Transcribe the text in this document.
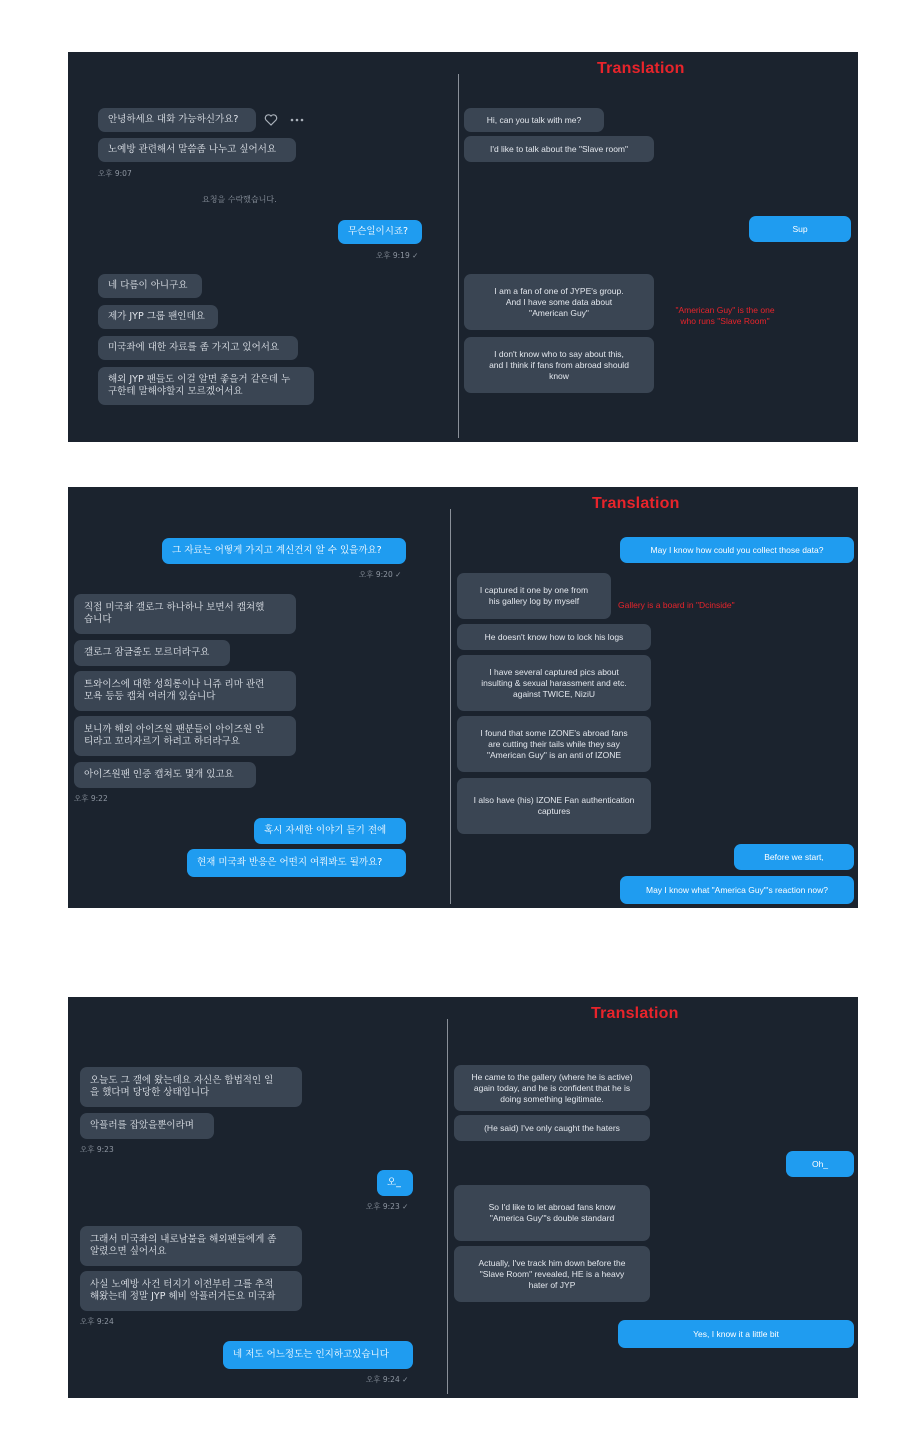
Translation
안녕하세요 대화 가능하신가요?
노예방 관련해서 말씀좀 나누고 싶어서요
오후 9:07
요청을 수락했습니다.
무슨일이시죠?
오후 9:19 ✓
네 다름이 아니구요
제가 JYP 그룹 팬인데요
미국좌에 대한 자료를 좀 가지고 있어서요
해외 JYP 팬들도 이걸 알면 좋을거 같은데 누
구한테 말해야할지 모르겠어서요
Hi, can you talk with me?
I'd like to talk about the "Slave room"
Sup
I am a fan of one of JYPE's group.
And I have some data about
"American Guy"	"American Guy" is the one
who runs "Slave Room"
I don't know who to say about this,
and I think if fans from abroad should
know
Translation
그 자료는 어떻게 가지고 계신건지 알 수 있을까요?
오후 9:20 ✓
직접 미국좌 갤로그 하나하나 보면서 캡쳐했
습니다
갤로그 잠글줄도 모르더라구요
트와이스에 대한 성희롱이나 니쥬 리마 관련
모욕 등등 캡쳐 여러개 있습니다
보니까 해외 아이즈원 팬분들이 아이즈원 안
티라고 꼬리자르기 하려고 하더라구요
아이즈원팬 인증 캡쳐도 몇개 있고요
오후 9:22
혹시 자세한 이야기 듣기 전에
현재 미국좌 반응은 어떤지 여쭤봐도 될까요?
May I know how could you collect those data?
I captured it one by one from
his gallery log by myself	Gallery is a board in "Dcinside"
He doesn't know how to lock his logs
I have several captured pics about
insulting & sexual harassment and etc.
against TWICE, NiziU
I found that some IZONE's abroad fans
are cutting their tails while they say
"American Guy" is an anti of IZONE
I also have (his) IZONE Fan authentication
captures
Before we start,
May I know what "America Guy"'s reaction now?
Translation
오늘도 그 갤에 왔는데요 자신은 합법적인 일
을 했다며 당당한 상태입니다
악플러를 잡았을뿐이라며
오후 9:23
오_
오후 9:23 ✓
그래서 미국좌의 내로남불을 해외팬들에게 좀
알렸으면 싶어서요
사실 노예방 사건 터지기 이전부터 그를 추적
해왔는데 정말 JYP 헤비 악플러거든요 미국좌
오후 9:24
네 저도 어느정도는 인지하고있습니다
오후 9:24 ✓
He came to the gallery (where he is active)
again today, and he is confident that he is
doing something legitimate.
(He said) I've only caught the haters
Oh_
So I'd like to let abroad fans know
"America Guy"'s double standard
Actually, I've track him down before the
"Slave Room" revealed, HE is a heavy
hater of JYP
Yes, I know it a little bit
